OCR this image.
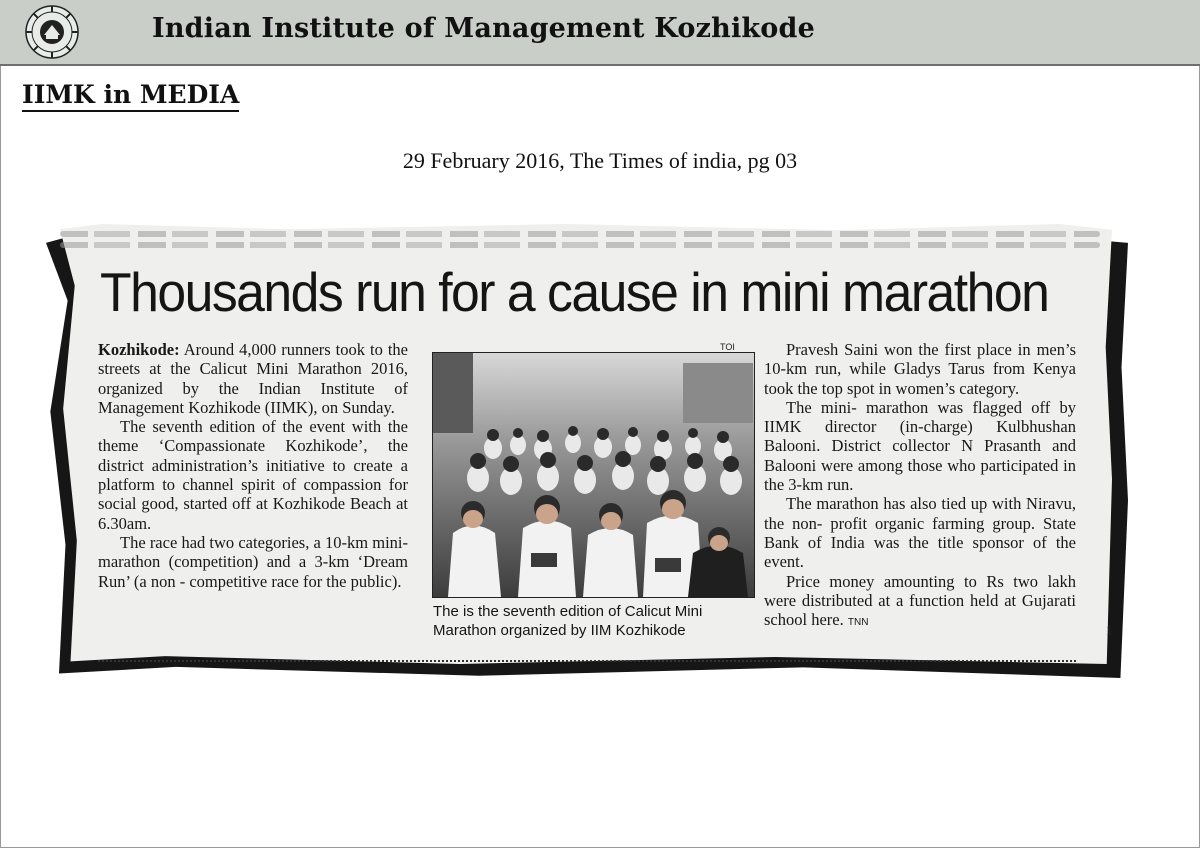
Indian Institute of Management Kozhikode
IIMK in MEDIA
29 February 2016, The Times of india, pg 03
Thousands run for a cause in mini marathon

Kozhikode: Around 4,000 runners took to the streets at the Calicut Mini Marathon 2016, organized by the Indian Institute of Management Kozhikode (IIMK), on Sunday.

The seventh edition of the event with the theme ‘Compassionate Kozhikode’, the district administration’s initiative to create a platform to channel spirit of compassion for social good, started off at Kozhikode Beach at 6.30am.

The race had two categories, a 10-km mini-marathon (competition) and a 3-km ‘Dream Run’ (a non - competitive race for the public).

TOI
The is the seventh edition of Calicut Mini Marathon organized by IIM Kozhikode

Pravesh Saini won the first place in men’s 10-km run, while Gladys Tarus from Kenya took the top spot in women’s category.

The mini- marathon was flagged off by IIMK director (in-charge) Kulbhushan Balooni. District collector N Prasanth and Balooni were among those who participated in the 3-km run.

The marathon has also tied up with Niravu, the non- profit organic farming group. State Bank of India was the title sponsor of the event.

Price money amounting to Rs two lakh were distributed at a function held at Gujarati school here. TNN

1
